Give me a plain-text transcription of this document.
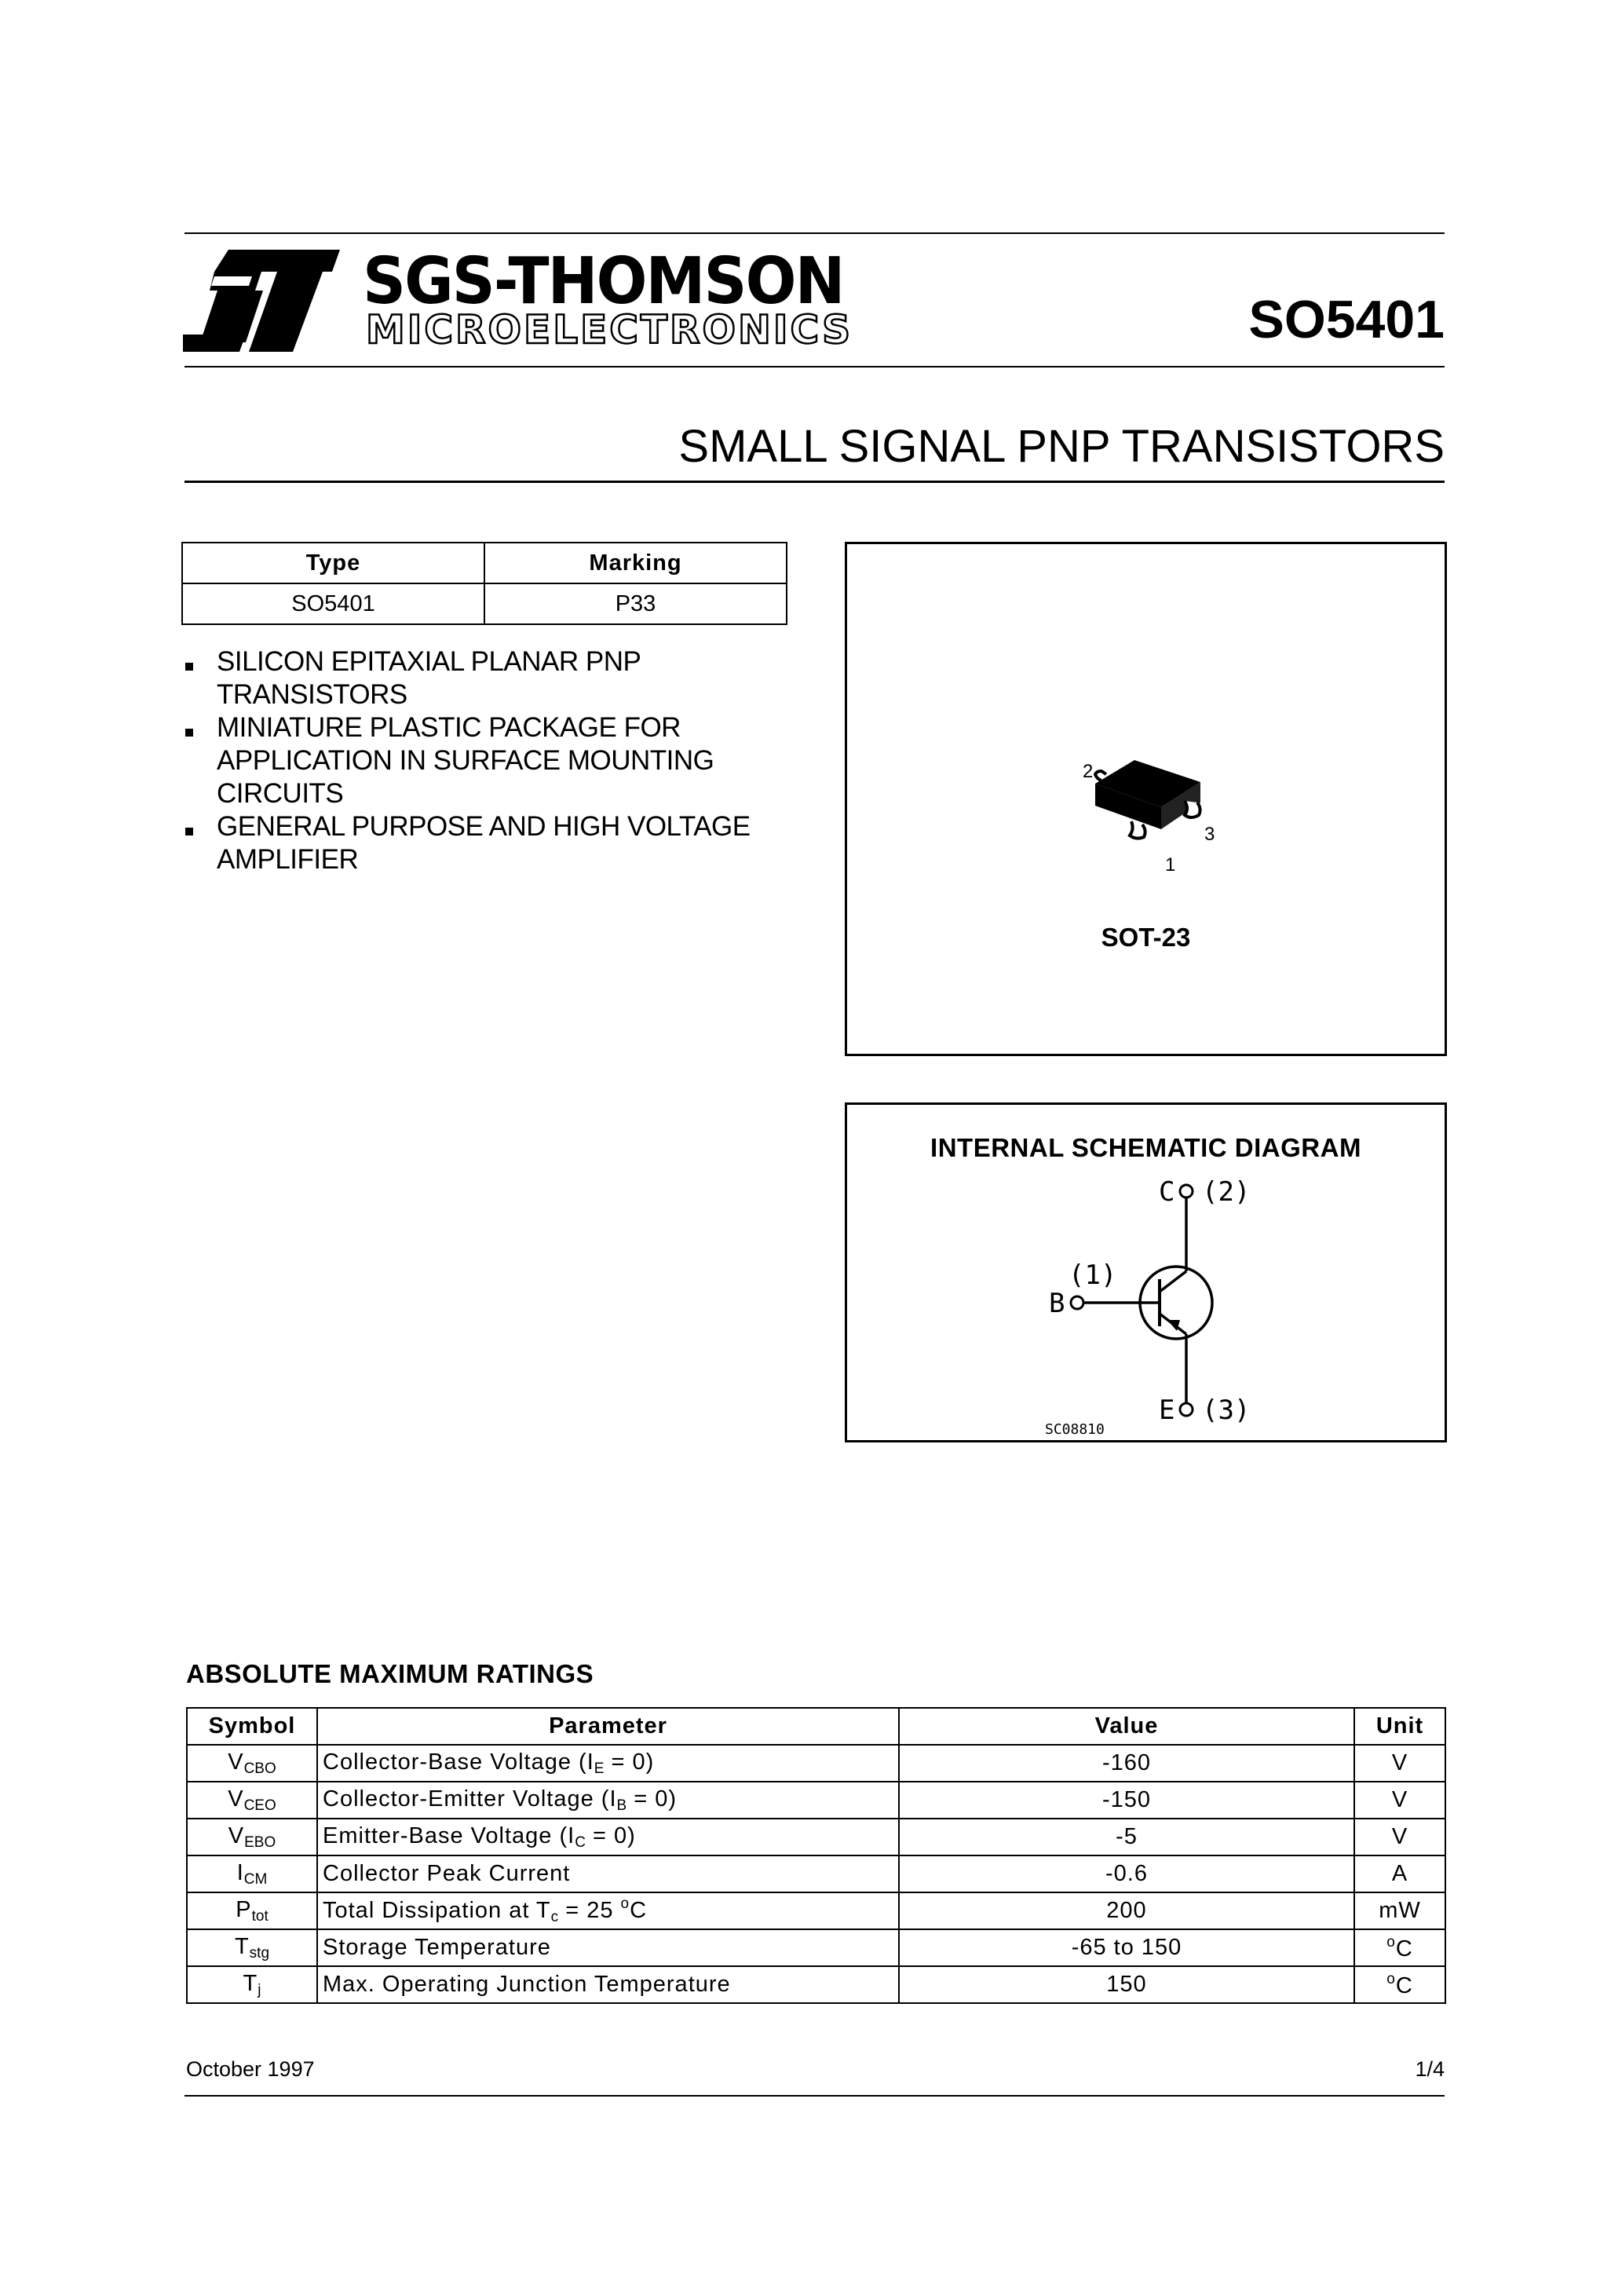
SGS-THOMSON
MICROELECTRONICS	SO5401
SMALL SIGNAL PNP TRANSISTORS
Type	Marking
SO5401	P33
SILICON EPITAXIAL PLANAR PNP TRANSISTORS
MINIATURE PLASTIC PACKAGE FOR APPLICATION IN SURFACE MOUNTING CIRCUITS
GENERAL PURPOSE AND HIGH VOLTAGE AMPLIFIER
2
3
1
SOT-23
INTERNAL SCHEMATIC DIAGRAM
C (2)
(1)
B
E (3)
SC08810
ABSOLUTE MAXIMUM RATINGS
Symbol	Parameter	Value	Unit
$V_{CBO}$	Collector-Base Voltage $(I_E = 0)$	-160	V
$V_{CEO}$	Collector-Emitter Voltage $(I_B = 0)$	-150	V
$V_{EBO}$	Emitter-Base Voltage $(I_C = 0)$	-5	V
$I_{CM}$	Collector Peak Current	-0.6	A
$P_{tot}$	Total Dissipation at $T_c = 25$ $^o$C	200	mW
$T_{stg}$	Storage Temperature	-65 to 150	$^o$C
$T_j$	Max. Operating Junction Temperature	150	$^o$C
October 1997	1/4
